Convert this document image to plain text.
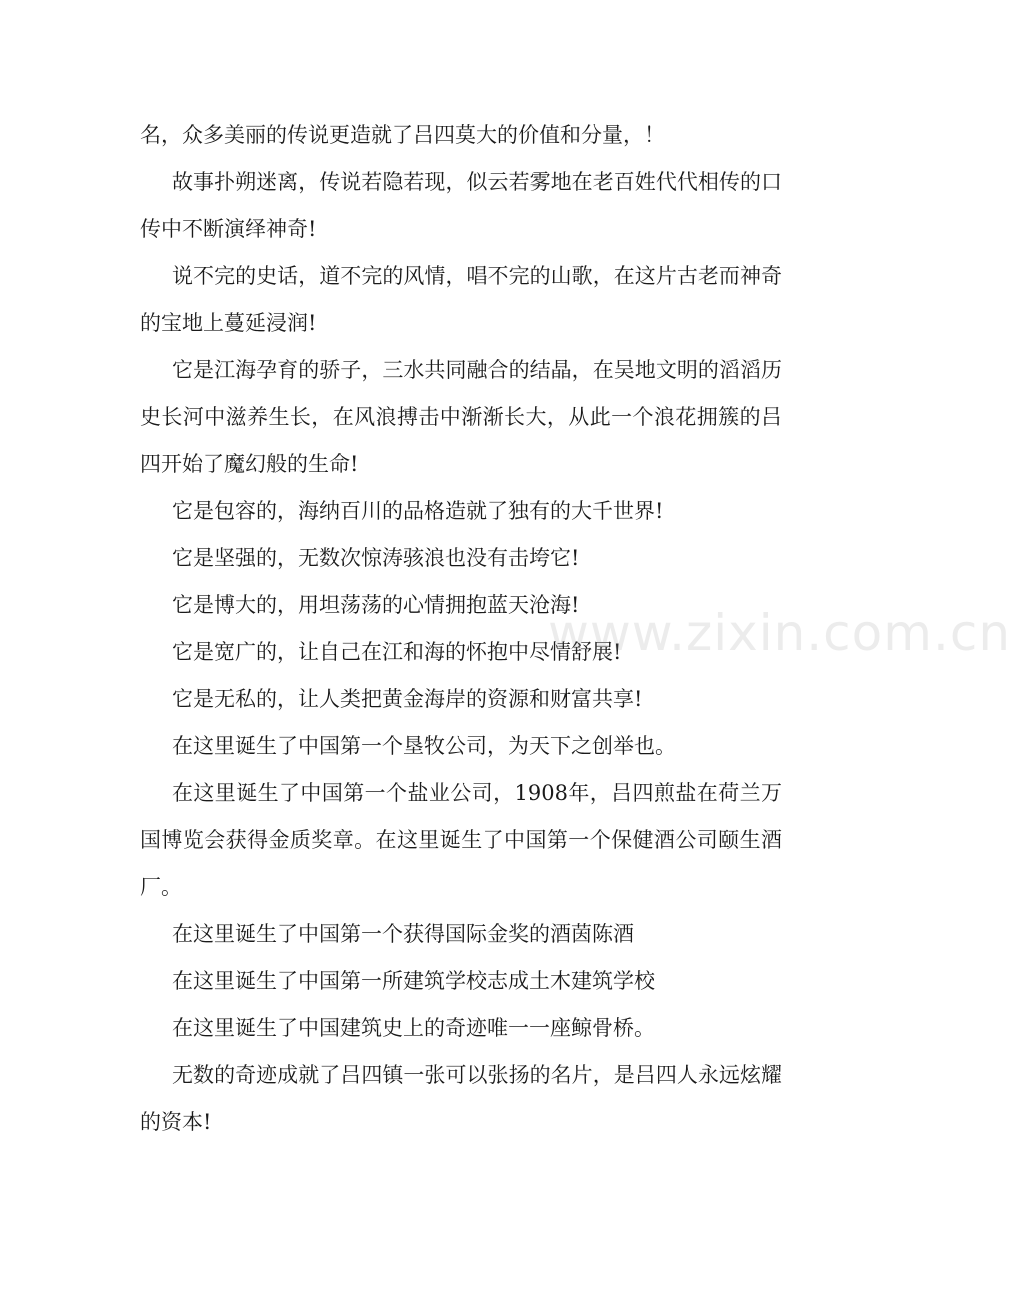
名，众多美丽的传说更造就了吕四莫大的价值和分量，！

故事扑朔迷离，传说若隐若现，似云若雾地在老百姓代代相传的口传中不断演绎神奇!

说不完的史话，道不完的风情，唱不完的山歌，在这片古老而神奇的宝地上蔓延浸润!

它是江海孕育的骄子，三水共同融合的结晶，在吴地文明的滔滔历史长河中滋养生长，在风浪搏击中渐渐长大，从此一个浪花拥簇的吕四开始了魔幻般的生命!

它是包容的，海纳百川的品格造就了独有的大千世界!

它是坚强的，无数次惊涛骇浪也没有击垮它!

它是博大的，用坦荡荡的心情拥抱蓝天沧海!

它是宽广的，让自己在江和海的怀抱中尽情舒展!

它是无私的，让人类把黄金海岸的资源和财富共享!

在这里诞生了中国第一个垦牧公司，为天下之创举也。

在这里诞生了中国第一个盐业公司，1908年，吕四煎盐在荷兰万国博览会获得金质奖章。在这里诞生了中国第一个保健酒公司颐生酒厂。

在这里诞生了中国第一个获得国际金奖的酒茵陈酒

在这里诞生了中国第一所建筑学校志成土木建筑学校

在这里诞生了中国建筑史上的奇迹唯一一座鲸骨桥。

无数的奇迹成就了吕四镇一张可以张扬的名片，是吕四人永远炫耀的资本!

www.zixin.com.cn
